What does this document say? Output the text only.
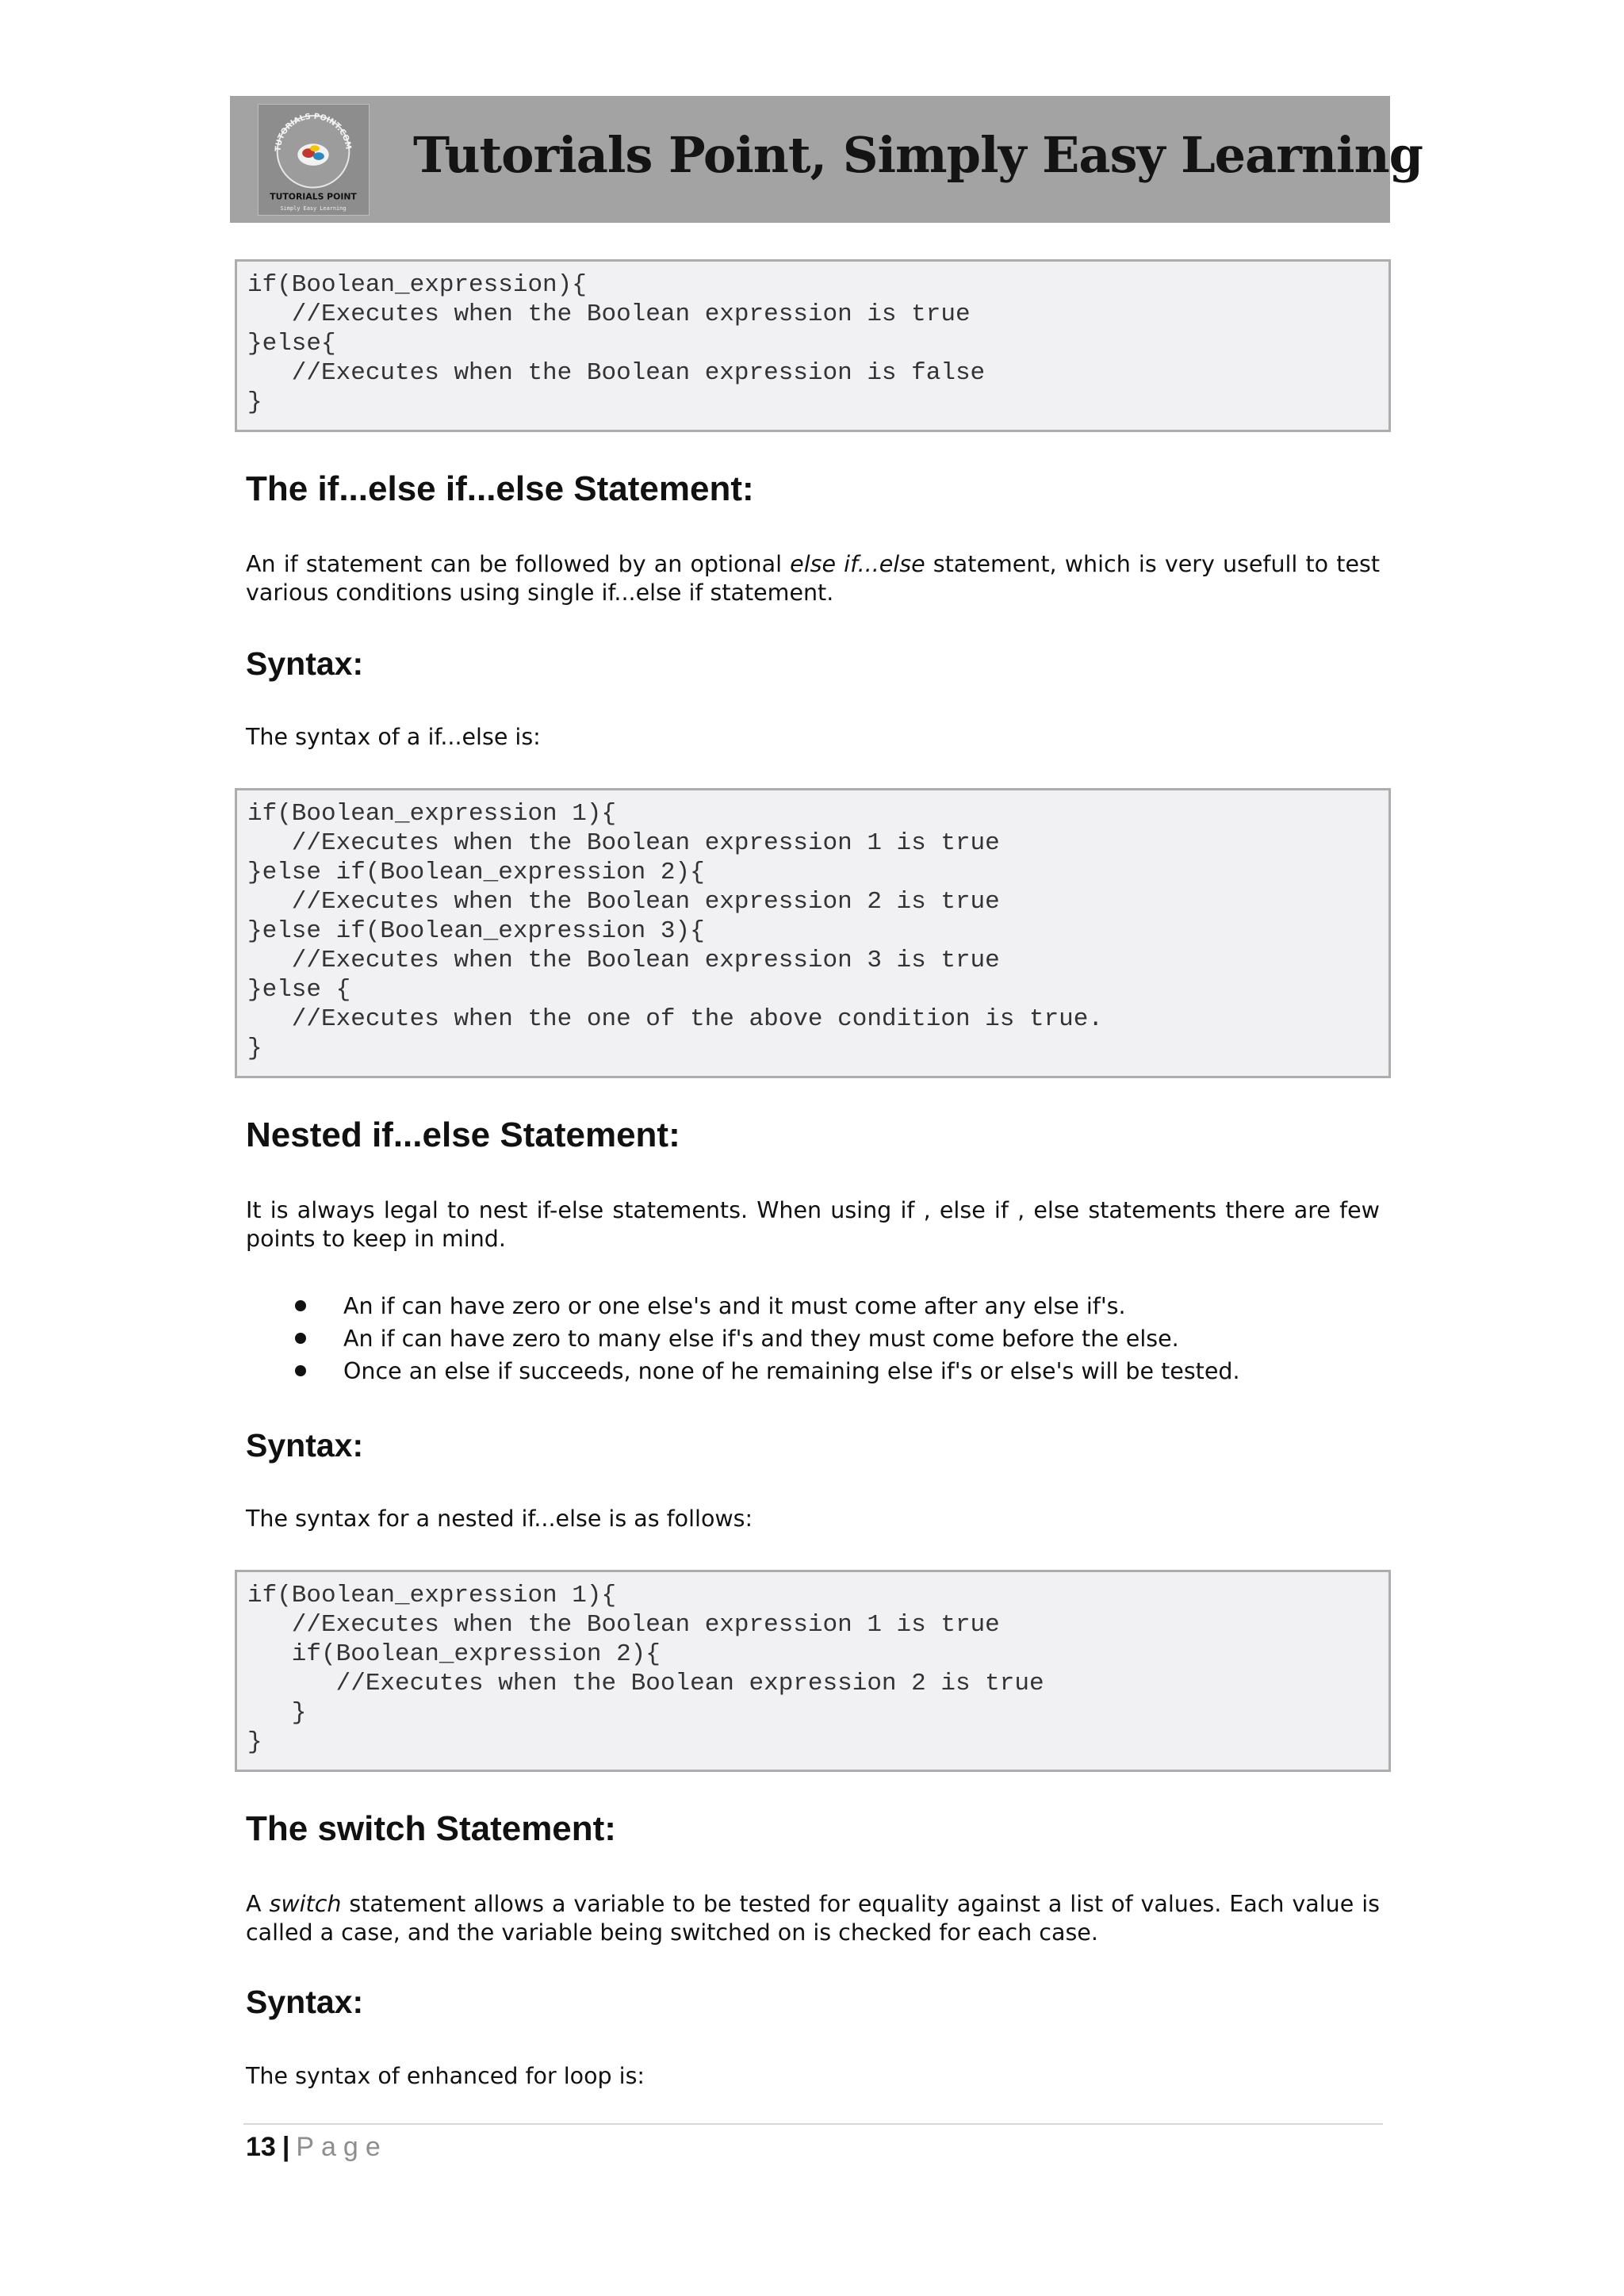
TUTORIALS POINT.COM
TUTORIALS POINT
Simply Easy Learning
Tutorials Point, Simply Easy Learning
if(Boolean_expression){
//Executes when the Boolean expression is true
}else{
//Executes when the Boolean expression is false
}
The if...else if...else Statement:

An if statement can be followed by an optional else if...else statement, which is very usefull to test various conditions using single if...else if statement.

Syntax:

The syntax of a if...else is:

if(Boolean_expression 1){
//Executes when the Boolean expression 1 is true
}else if(Boolean_expression 2){
//Executes when the Boolean expression 2 is true
}else if(Boolean_expression 3){
//Executes when the Boolean expression 3 is true
}else {
//Executes when the one of the above condition is true.
}
Nested if...else Statement:

It is always legal to nest if-else statements. When using if , else if , else statements there are few points to keep in mind.

An if can have zero or one else's and it must come after any else if's.
An if can have zero to many else if's and they must come before the else.
Once an else if succeeds, none of he remaining else if's or else's will be tested.
Syntax:

The syntax for a nested if...else is as follows:

if(Boolean_expression 1){
//Executes when the Boolean expression 1 is true
if(Boolean_expression 2){
//Executes when the Boolean expression 2 is true
}
}
The switch Statement:

A switch statement allows a variable to be tested for equality against a list of values. Each value is called a case, and the variable being switched on is checked for each case.

Syntax:

The syntax of enhanced for loop is:

13 | Page
